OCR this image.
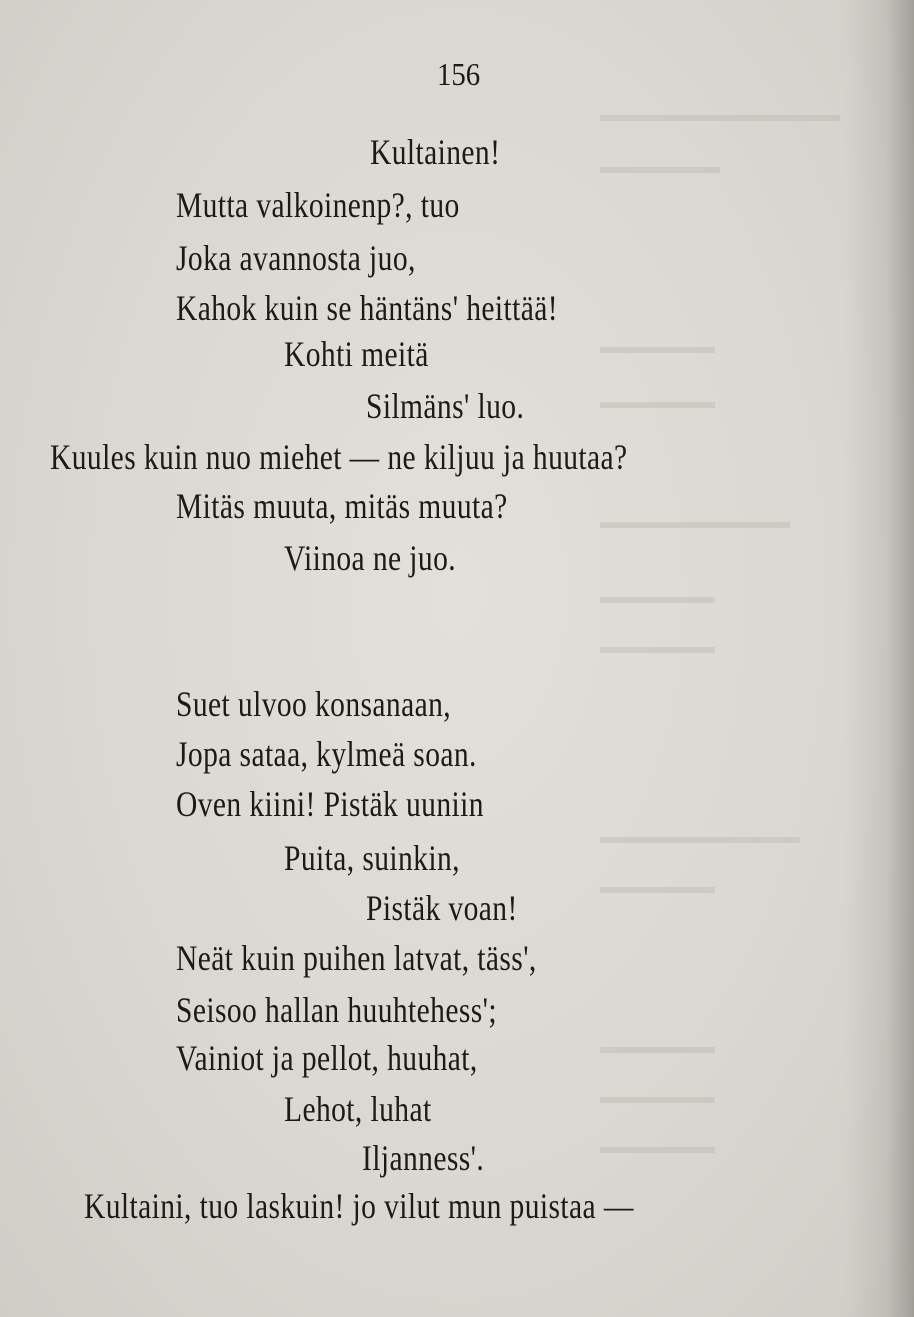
156
Kultainen!
Mutta valkoinenp?, tuo
Joka avannosta juo,
Kahok kuin se häntäns' heittää!
Kohti meitä
Silmäns' luo.
Kuules kuin nuo miehet — ne kiljuu ja huutaa?
Mitäs muuta, mitäs muuta?
Viinoa ne juo.
Suet ulvoo konsanaan,
Jopa sataa, kylmeä soan.
Oven kiini! Pistäk uuniin
Puita, suinkin,
Pistäk voan!
Neät kuin puihen latvat, täss',
Seisoo hallan huuhtehess';
Vainiot ja pellot, huuhat,
Lehot, luhat
Iljanness'.
Kultaini, tuo laskuin! jo vilut mun puistaa —
